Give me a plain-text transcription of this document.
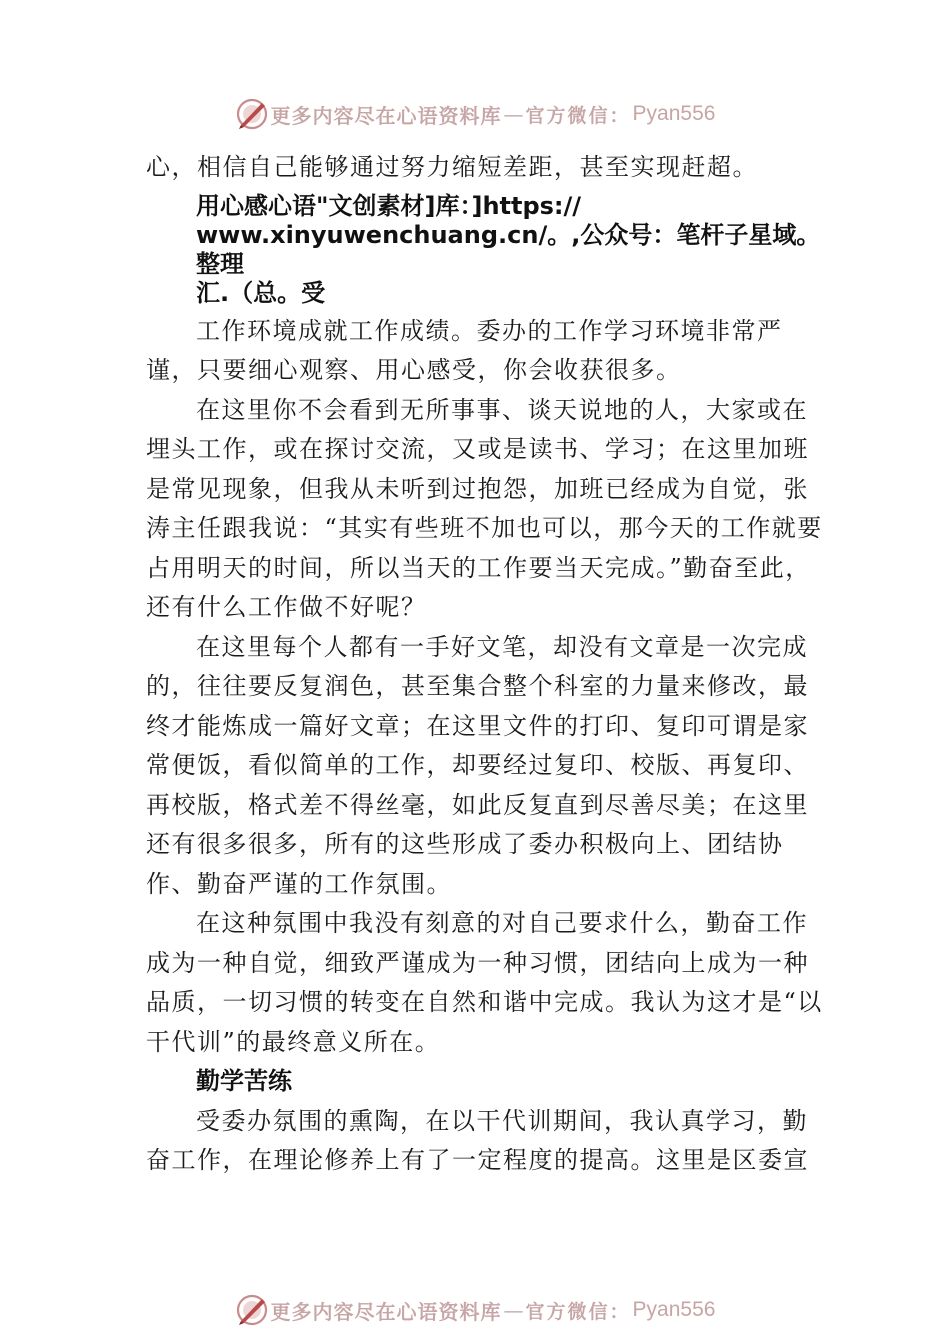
更多内容尽在心语资料库 — 官方微信： Pyan556

心，相信自己能够通过努力缩短差距，甚至实现赶超。

用心感心语"文创素材]库：]https://
www.xinyuwenchuang.cn/。,公众号：笔杆子星域。整理
汇.（总。受

工作环境成就工作成绩。委办的工作学习环境非常严谨，只要细心观察、用心感受，你会收获很多。

在这里你不会看到无所事事、谈天说地的人，大家或在埋头工作，或在探讨交流，又或是读书、学习；在这里加班是常见现象，但我从未听到过抱怨，加班已经成为自觉，张涛主任跟我说：“其实有些班不加也可以，那今天的工作就要占用明天的时间，所以当天的工作要当天完成。”勤奋至此，还有什么工作做不好呢？

在这里每个人都有一手好文笔，却没有文章是一次完成的，往往要反复润色，甚至集合整个科室的力量来修改，最终才能炼成一篇好文章；在这里文件的打印、复印可谓是家常便饭，看似简单的工作，却要经过复印、校版、再复印、再校版，格式差不得丝毫，如此反复直到尽善尽美；在这里还有很多很多，所有的这些形成了委办积极向上、团结协作、勤奋严谨的工作氛围。

在这种氛围中我没有刻意的对自己要求什么，勤奋工作成为一种自觉，细致严谨成为一种习惯，团结向上成为一种品质，一切习惯的转变在自然和谐中完成。我认为这才是“以干代训”的最终意义所在。

勤学苦练

受委办氛围的熏陶，在以干代训期间，我认真学习，勤奋工作，在理论修养上有了一定程度的提高。这里是区委宣

更多内容尽在心语资料库 — 官方微信： Pyan556
